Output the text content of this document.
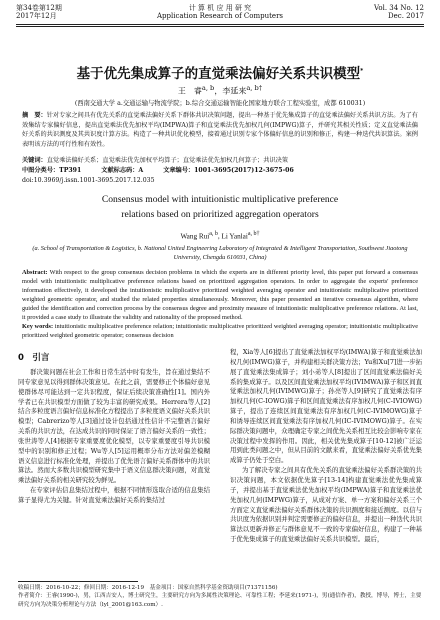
第34卷第12期
2017年12月
计 算 机 应 用 研 究
Application Research of Computers
Vol. 34 No. 12
Dec. 2017
基于优先集成算子的直觉乘法偏好关系共识模型*
王　睿$^{a, b}$，李延来$^{a, b\dagger}$
(西南交通大学 a.交通运输与物流学院；b.综合交通运输智能化国家地方联合工程实验室，成都 610031)
摘　要：针对专家之间具有优先关系的直觉乘法偏好关系下群体共识决策问题，提出一种基于优先集成算子的直觉乘法偏好关系共识方法。为了有效集结专家偏好信息，提出直觉乘法优先加权平均(IMPWA)算子和直觉乘法优先加权几何(IMPWG)算子，并研究其相关性质；定义直觉乘法偏好关系的共识测度及其共识度计算方法。构造了一种共识优化模型，接着通过识别专家个体偏好信息的识别和修正，构建一种迭代共识算法。案例表明该方法的可行性和有效性。
关键词：直觉乘法偏好关系；直觉乘法优先加权平均算子；直觉乘法优先加权几何算子；共识决策
中图分类号：TP391	文献标志码：A	文章编号：1001-3695(2017)12-3675-06
doi:10.3969/j.issn.1001-3695.2017.12.035
Consensus model with intuitionistic multiplicative preference
relations based on prioritized aggregation operators
Wang Rui$^{a, b}$, Li Yanlai$^{a, b\dagger}$
(a. School of Transportation & Logistics, b. National United Engineering Laboratory of Integrated & Intelligent Transportation, Southwest Jiaotong University, Chengdu 610031, China)
Abstract: With respect to the group consensus decision problems in which the experts are in different priority level, this paper put forward a consensus model with intuitionistic multiplicative preference relations based on prioritized aggregation operators. In order to aggregate the experts' preference information effectively, it developed the intuitionistic multiplicative prioritized weighted averaging operator and intuitionistic multiplicative prioritized weighted geometric operator, and studied the related properties simultaneously. Moreover, this paper presented an iterative consensus algorithm, where guided the identification and correction process by the consensus degree and proximity measure of intuitionistic multiplicative preference relations. At last, it provided a case study to illustrate the validity and rationality of the proposed method.
Key words: intuitionistic multiplicative preference relation; intuitionistic multiplicative prioritized weighted averaging operator; intuitionistic multiplicative prioritized weighted geometric operator; consensus decision
0　引言

群决策问题在社会工作和日常生活中时有发生，旨在通过集结不同专家意见以得到群体决策意见。在此之前，需要修正个体偏好意见使群体尽可能达到一定共识程度，保证后续决策准确性[1]。国内外学者已在共识模型方面做了较为丰富的研究成果。Herrera等人[2]结合多粒度语言偏好信息标准化方程提出了多粒度语义偏好关系共识模型；Cabrerizo等人[3]通过设计包括通过性信计不完整语言偏好关系的共识方法，在达成共识的同时保证了语言偏好关系的一致性；张世涛等人[4]根据专家重要度优化模型，以专家重要度引导共识模型中的识别和修正过程；Wu等人[5]运用概率分布方法对偏差模糊语义信息进行标准化处理，并提出了优先语言偏好关系群体中的共识算法。然而大多数共识模型研究集中于语义信息群决策问题，对直觉乘法偏好关系的相关研究较为鲜见。

在专家评估信息集结过程中，根据不同情形选取合适的信息集结算子显得尤为关键。针对直觉乘法偏好关系的集结过

程，Xia等人[6]提出了直觉乘法加权平均(IMWA)算子和直觉乘法加权几何(IMWG)算子，并构建相关群决策方法；Yu和Xu[7]进一步拓展了直觉乘法集成算子；刘小弟等人[8]提出了区间直觉乘法偏好关系的集成算子。以及区间直觉乘法加权平均(IVIMWA)算子和区间直觉乘法加权几何(IVIMWG)算子；孙亮等人[9]研究了直觉乘法有序加权几何(C-IOWG)算子和区间直觉乘法有序加权几何(C-IVIOWG)算子，提出了连续区间直觉乘法有序加权几何(C-IVIMOWG)算子和诱导连续区间直觉乘法有序加权几何(IC-IVIMOWG)算子。在实际群决策问题中，众理确定专家之间优先关系相互比较会影响专家在决策过程中发挥的作用。因此，相关优先集成算子[10-12]被广泛运用到此类问题之中，但从目前的文献来看，直觉乘法偏好关系优先集成算子仍处于空白。

为了解决专家之间具有优先关系的直觉乘法偏好关系群决策的共识决策问题，本文依据优先算子[13-14]构建直觉乘法优先集成算子，并提出基于直觉乘法优先加权平均(IMPWA)算子和直觉乘法优先加权几何(IMPWG)算子，从成对方案、单一方案和偏好关系三个方面定义直觉乘法偏好关系群体决策的共识测度和接近测度。以信与共识度为依据识别并判定需要修正的偏好信息，并提出一种迭代共识算法以更新并修正与群体意见不一致的专家偏好信息，构建了一种基于优先集成算子的直觉乘法偏好关系共识模型。最后，

收稿日期：2016-10-22；修回日期：2016-12-19　基金项目：国家自然科学基金资助项目(71371156)
作者简介：王睿(1990-)，男，江西吉安人，博士研究生，主要研究方向为多属性决策理论、可靠性工程；李延来(1971-)，男(通信作者)，教授，博导，博士，主要研究方向为决策分析理论与方法（lyl_2001@163.com）.
